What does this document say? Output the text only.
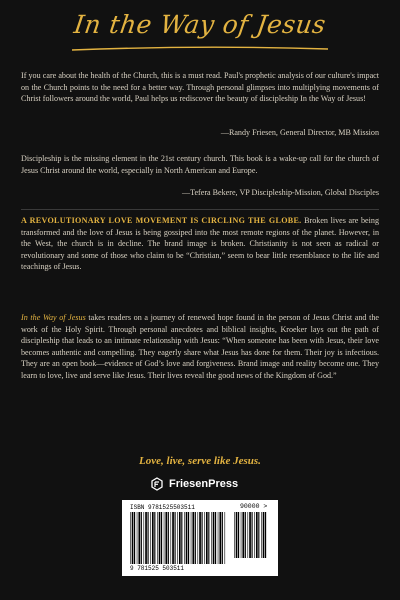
In the Way of Jesus
If you care about the health of the Church, this is a must read. Paul's prophetic analysis of our culture's impact on the Church points to the need for a better way. Through personal glimpses into multiplying movements of Christ followers around the world, Paul helps us rediscover the beauty of discipleship In the Way of Jesus!
—Randy Friesen, General Director, MB Mission
Discipleship is the missing element in the 21st century church. This book is a wake-up call for the church of Jesus Christ around the world, especially in North American and Europe.
—Tefera Bekere, VP Discipleship-Mission, Global Disciples
A REVOLUTIONARY LOVE MOVEMENT IS CIRCLING THE GLOBE. Broken lives are being transformed and the love of Jesus is being gossiped into the most remote regions of the planet. However, in the West, the church is in decline. The brand image is broken. Christianity is not seen as radical or revolutionary and some of those who claim to be “Christian,” seem to bear little resemblance to the life and teachings of Jesus.
In the Way of Jesus takes readers on a journey of renewed hope found in the person of Jesus Christ and the work of the Holy Spirit. Through personal anecdotes and biblical insights, Kroeker lays out the path of discipleship that leads to an intimate relationship with Jesus: “When someone has been with Jesus, their love becomes authentic and compelling. They eagerly share what Jesus has done for them. Their joy is infectious. They are an open book—evidence of God’s love and forgiveness. Brand image and reality become one. They learn to love, live and serve like Jesus. Their lives reveal the good news of the Kingdom of God.”
Love, live, serve like Jesus.
FriesenPress
ISBN 9781525503511	90000 >
9 781525 503511
